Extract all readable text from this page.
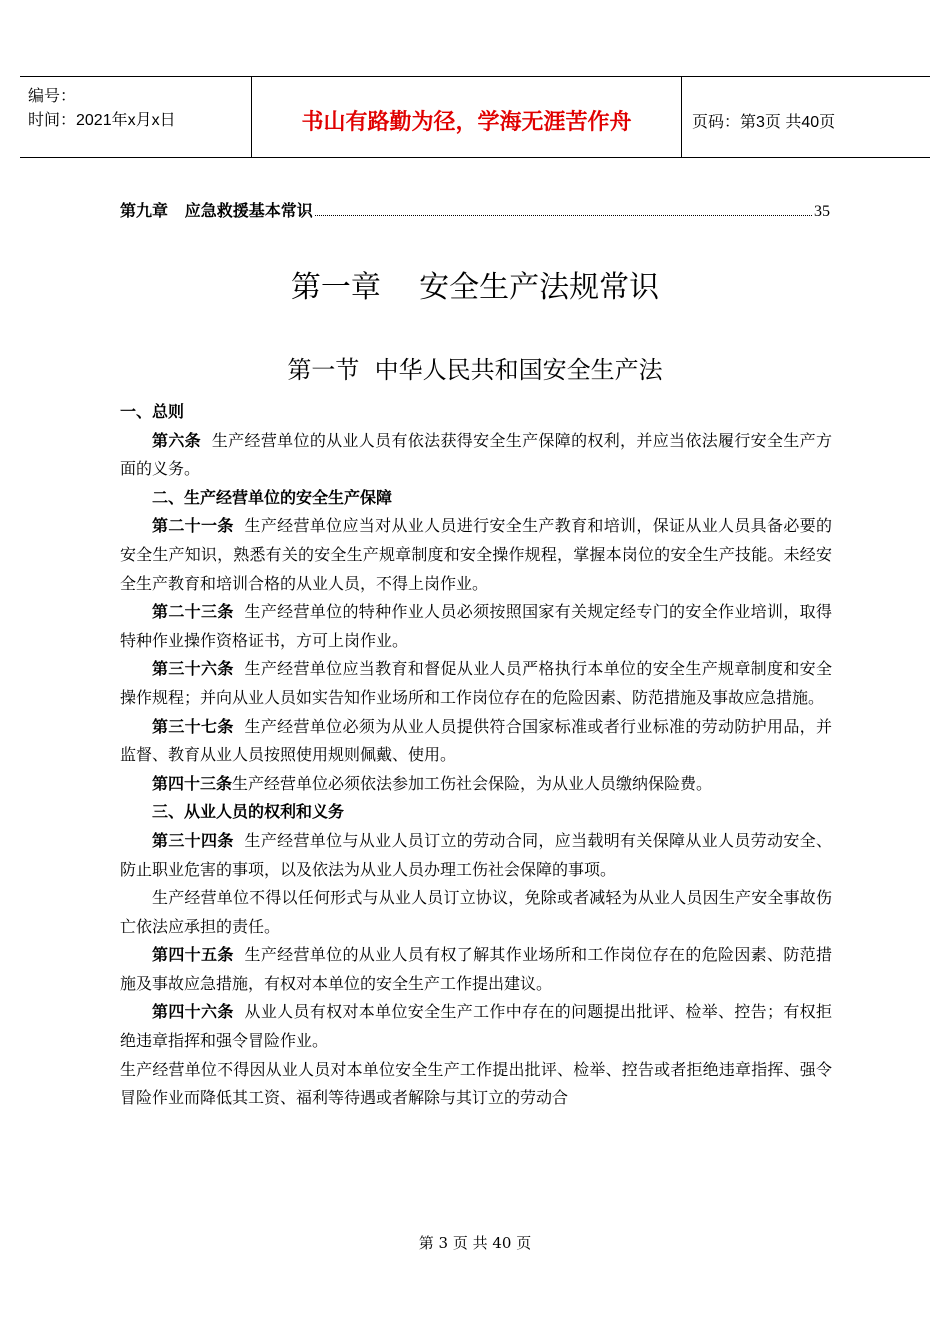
编号：
时间：2021年x月x日	书山有路勤为径，学海无涯苦作舟	页码：第3页 共40页
第九章   应急救援基本常识	35
第一章    安全生产法规常识
第一节  中华人民共和国安全生产法

一、总则

第六条 生产经营单位的从业人员有依法获得安全生产保障的权利，并应当依法履行安全生产方面的义务。

二、生产经营单位的安全生产保障

第二十一条 生产经营单位应当对从业人员进行安全生产教育和培训，保证从业人员具备必要的安全生产知识，熟悉有关的安全生产规章制度和安全操作规程，掌握本岗位的安全生产技能。未经安全生产教育和培训合格的从业人员，不得上岗作业。

第二十三条 生产经营单位的特种作业人员必须按照国家有关规定经专门的安全作业培训，取得特种作业操作资格证书，方可上岗作业。

第三十六条 生产经营单位应当教育和督促从业人员严格执行本单位的安全生产规章制度和安全操作规程；并向从业人员如实告知作业场所和工作岗位存在的危险因素、防范措施及事故应急措施。

第三十七条 生产经营单位必须为从业人员提供符合国家标准或者行业标准的劳动防护用品，并监督、教育从业人员按照使用规则佩戴、使用。

第四十三条生产经营单位必须依法参加工伤社会保险，为从业人员缴纳保险费。

三、从业人员的权利和义务

第三十四条 生产经营单位与从业人员订立的劳动合同，应当载明有关保障从业人员劳动安全、防止职业危害的事项，以及依法为从业人员办理工伤社会保障的事项。

生产经营单位不得以任何形式与从业人员订立协议，免除或者减轻为从业人员因生产安全事故伤亡依法应承担的责任。

第四十五条 生产经营单位的从业人员有权了解其作业场所和工作岗位存在的危险因素、防范措施及事故应急措施，有权对本单位的安全生产工作提出建议。

第四十六条 从业人员有权对本单位安全生产工作中存在的问题提出批评、检举、控告；有权拒绝违章指挥和强令冒险作业。

生产经营单位不得因从业人员对本单位安全生产工作提出批评、检举、控告或者拒绝违章指挥、强令冒险作业而降低其工资、福利等待遇或者解除与其订立的劳动合

第 3 页 共 40 页
